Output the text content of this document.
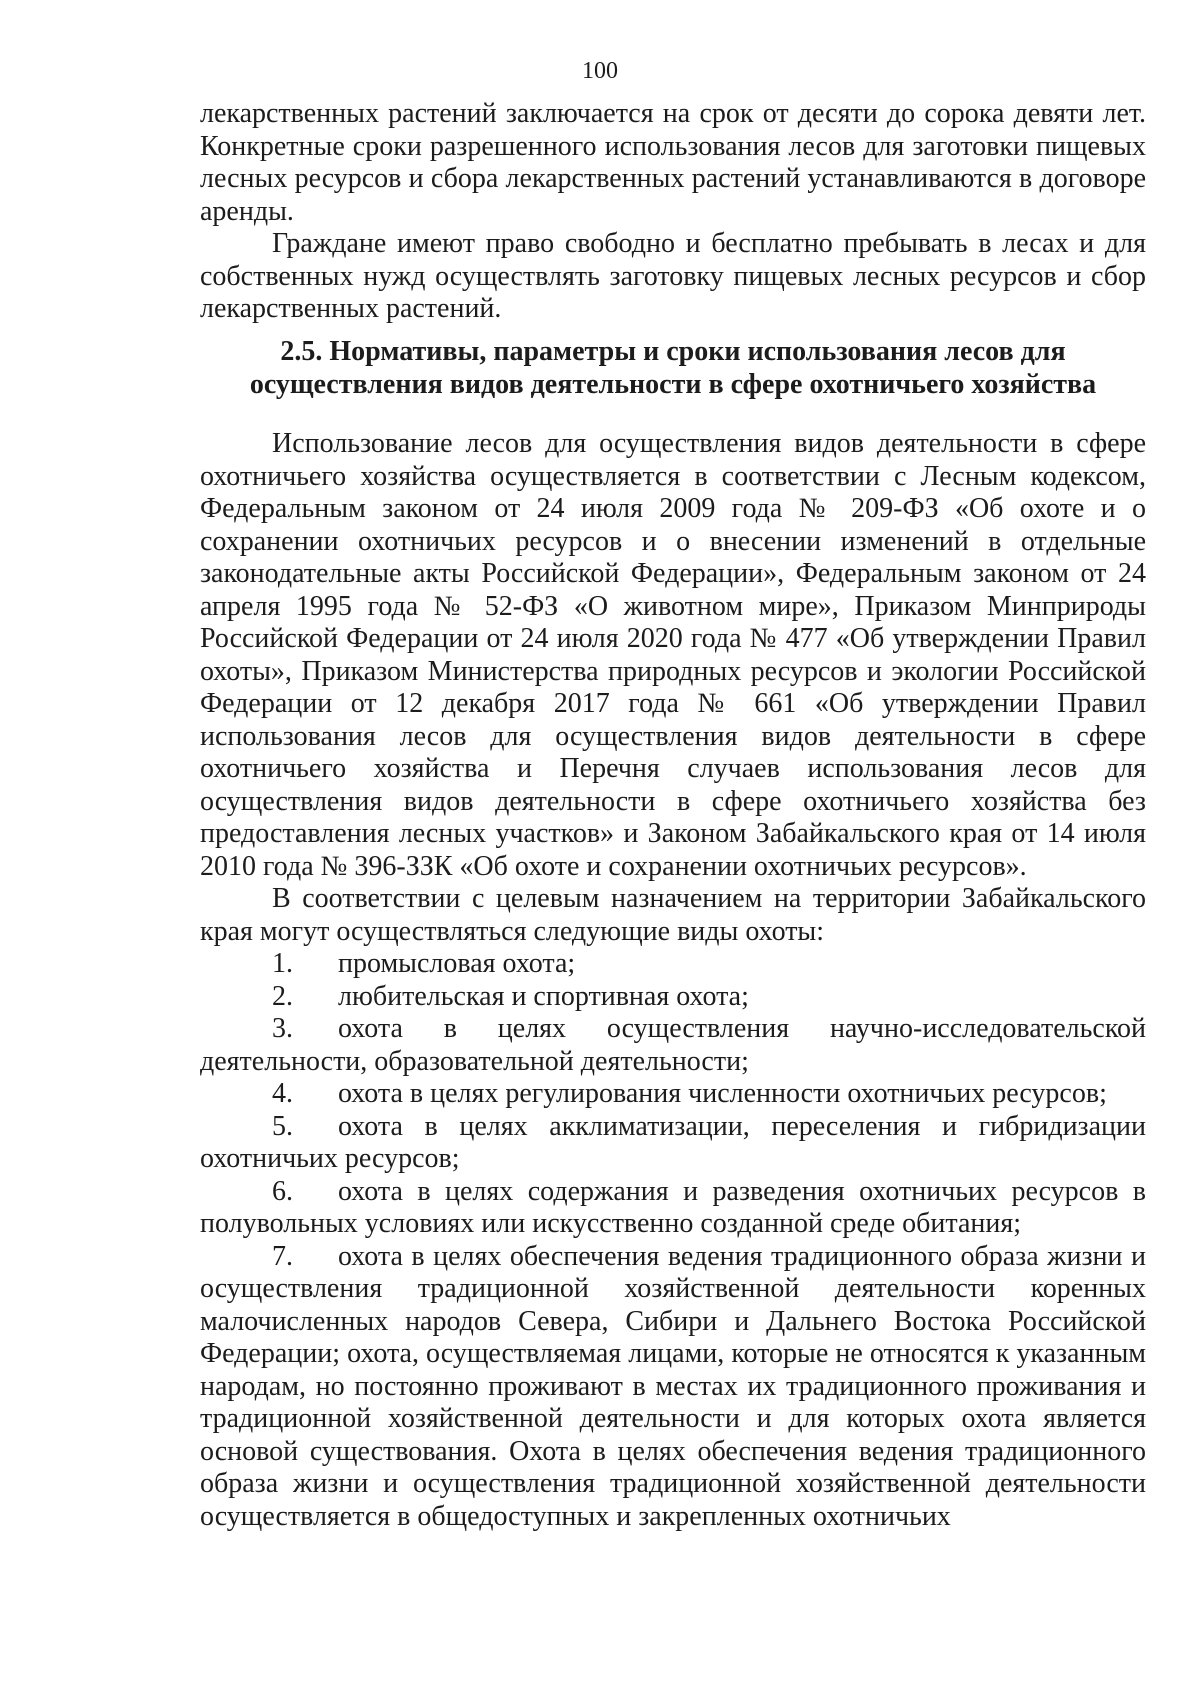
100

лекарственных растений заключается на срок от десяти до сорока девяти лет. Конкретные сроки разрешенного использования лесов для заготовки пищевых лесных ресурсов и сбора лекарственных растений устанавливаются в договоре аренды.

Граждане имеют право свободно и бесплатно пребывать в лесах и для собственных нужд осуществлять заготовку пищевых лесных ресурсов и сбор лекарственных растений.

2.5. Нормативы, параметры и сроки использования лесов для
осуществления видов деятельности в сфере охотничьего хозяйства

Использование лесов для осуществления видов деятельности в сфере охотничьего хозяйства осуществляется в соответствии с Лесным кодексом, Федеральным законом от 24 июля 2009 года № 209-ФЗ «Об охоте и о сохранении охотничьих ресурсов и о внесении изменений в отдельные законодательные акты Российской Федерации», Федеральным законом от 24 апреля 1995 года № 52-ФЗ «О животном мире», Приказом Минприроды Российской Федерации от 24 июля 2020 года № 477 «Об утверждении Правил охоты», Приказом Министерства природных ресурсов и экологии Российской Федерации от 12 декабря 2017 года № 661 «Об утверждении Правил использования лесов для осуществления видов деятельности в сфере охотничьего хозяйства и Перечня случаев использования лесов для осуществления видов деятельности в сфере охотничьего хозяйства без предоставления лесных участков» и Законом Забайкальского края от 14 июля 2010 года № 396-ЗЗК «Об охоте и сохранении охотничьих ресурсов».

В соответствии с целевым назначением на территории Забайкальского края могут осуществляться следующие виды охоты:

1. промысловая охота;

2. любительская и спортивная охота;

3. охота в целях осуществления научно-исследовательской деятельности, образовательной деятельности;

4. охота в целях регулирования численности охотничьих ресурсов;

5. охота в целях акклиматизации, переселения и гибридизации охотничьих ресурсов;

6. охота в целях содержания и разведения охотничьих ресурсов в полувольных условиях или искусственно созданной среде обитания;

7. охота в целях обеспечения ведения традиционного образа жизни и осуществления традиционной хозяйственной деятельности коренных малочисленных народов Севера, Сибири и Дальнего Востока Российской Федерации; охота, осуществляемая лицами, которые не относятся к указанным народам, но постоянно проживают в местах их традиционного проживания и традиционной хозяйственной деятельности и для которых охота является основой существования. Охота в целях обеспечения ведения традиционного образа жизни и осуществления традиционной хозяйственной деятельности осуществляется в общедоступных и закрепленных охотничьих
